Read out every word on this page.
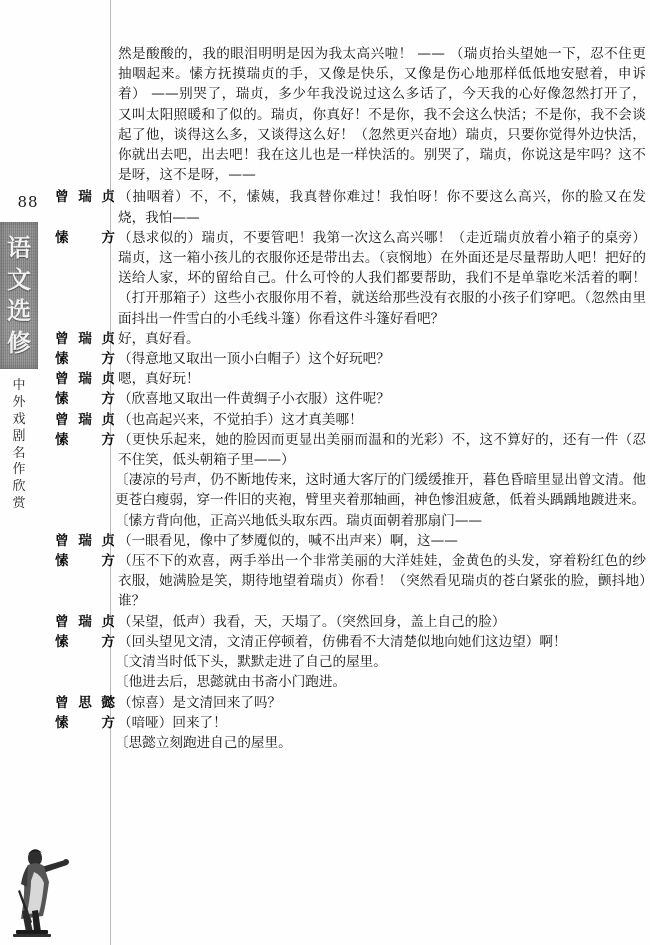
88
语
文
选
修
中
外
戏
剧
名
作
欣
赏

然是酸酸的，我的眼泪明明是因为我太高兴啦！ —— （瑞贞抬头望她一下，忍不住更抽咽起来。愫方抚摸瑞贞的手，又像是快乐，又像是伤心地那样低低地安慰着，申诉着） ——别哭了，瑞贞，多少年我没说过这么多话了，今天我的心好像忽然打开了，又叫太阳照暖和了似的。瑞贞，你真好！不是你，我不会这么快活；不是你，我不会谈起了他，谈得这么多，又谈得这么好！（忽然更兴奋地）瑞贞，只要你觉得外边快活，你就出去吧，出去吧！我在这儿也是一样快活的。别哭了，瑞贞，你说这是牢吗？这不是呀，这不是呀，——

曾瑞贞 （抽咽着）不，不，愫姨，我真替你难过！我怕呀！你不要这么高兴，你的脸又在发烧，我怕——
愫　方 （恳求似的）瑞贞，不要管吧！我第一次这么高兴哪！（走近瑞贞放着小箱子的桌旁）瑞贞，这一箱小孩儿的衣服你还是带出去。（哀悯地）在外面还是尽量帮助人吧！把好的送给人家，坏的留给自己。什么可怜的人我们都要帮助，我们不是单靠吃米活着的啊！（打开那箱子）这些小衣服你用不着，就送给那些没有衣服的小孩子们穿吧。（忽然由里面抖出一件雪白的小毛线斗篷）你看这件斗篷好看吧？
曾瑞贞 好，真好看。
愫　方 （得意地又取出一顶小白帽子）这个好玩吧？
曾瑞贞 嗯，真好玩！
愫　方 （欣喜地又取出一件黄绸子小衣服）这件呢？
曾瑞贞 （也高起兴来，不觉拍手）这才真美哪！
愫　方 （更快乐起来，她的脸因而更显出美丽而温和的光彩）不，这不算好的，还有一件（忍不住笑，低头朝箱子里——）
〔凄凉的号声，仍不断地传来，这时通大客厅的门缓缓推开，暮色昏暗里显出曾文清。他更苍白瘦弱，穿一件旧的夹袍，臂里夹着那轴画，神色惨沮疲惫，低着头踽踽地踱进来。
〔愫方背向他，正高兴地低头取东西。瑞贞面朝着那扇门——
曾瑞贞 （一眼看见，像中了梦魇似的，喊不出声来）啊，这——
愫　方 （压不下的欢喜，两手举出一个非常美丽的大洋娃娃，金黄色的头发，穿着粉红色的纱衣服，她满脸是笑，期待地望着瑞贞）你看！（突然看见瑞贞的苍白紧张的脸，颤抖地）谁？
曾瑞贞 （呆望，低声）我看，天，天塌了。（突然回身，盖上自己的脸）
愫　方 （回头望见文清，文清正停顿着，仿佛看不大清楚似地向她们这边望）啊！
〔文清当时低下头，默默走进了自己的屋里。
〔他进去后，思懿就由书斋小门跑进。
曾思懿 （惊喜）是文清回来了吗？
愫　方 （喑哑）回来了！
〔思懿立刻跑进自己的屋里。
